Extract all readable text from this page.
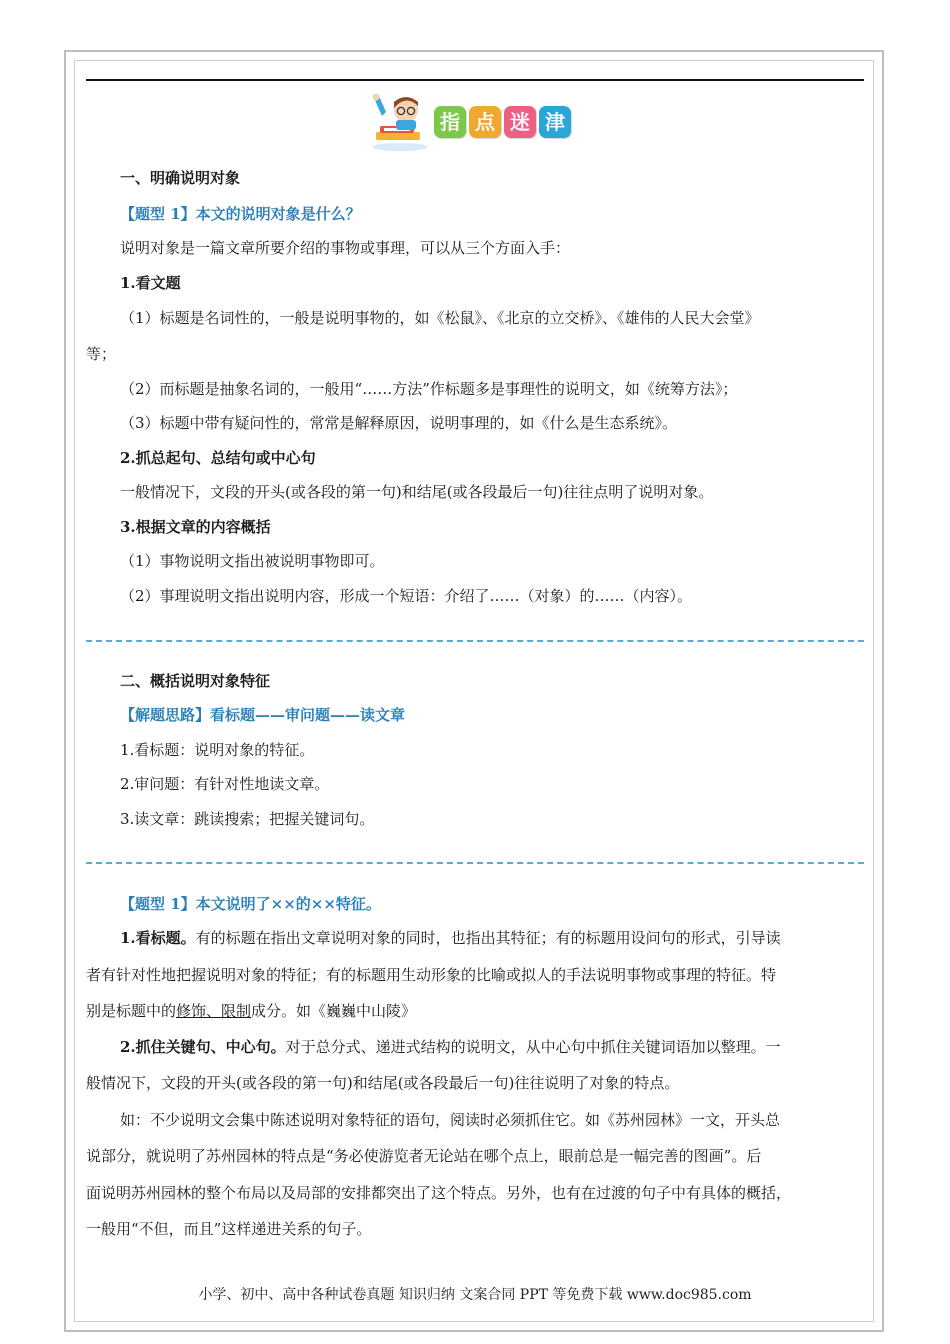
指 点 迷 津
一、明确说明对象
【题型 1】本文的说明对象是什么？
说明对象是一篇文章所要介绍的事物或事理，可以从三个方面入手：
1.看文题
（1）标题是名词性的，一般是说明事物的，如《松鼠》、《北京的立交桥》、《雄伟的人民大会堂》
等；
（2）而标题是抽象名词的，一般用“……方法”作标题多是事理性的说明文，如《统筹方法》；
（3）标题中带有疑问性的，常常是解释原因，说明事理的，如《什么是生态系统》。
2.抓总起句、总结句或中心句
一般情况下，文段的开头(或各段的第一句)和结尾(或各段最后一句)往往点明了说明对象。
3.根据文章的内容概括
（1）事物说明文指出被说明事物即可。
（2）事理说明文指出说明内容，形成一个短语：介绍了……（对象）的……（内容）。
二、概括说明对象特征
【解题思路】看标题——审问题——读文章
1.看标题：说明对象的特征。
2.审问题：有针对性地读文章。
3.读文章：跳读搜索；把握关键词句。
【题型 1】本文说明了××的××特征。
1.看标题。有的标题在指出文章说明对象的同时，也指出其特征；有的标题用设问句的形式，引导读
者有针对性地把握说明对象的特征；有的标题用生动形象的比喻或拟人的手法说明事物或事理的特征。特
别是标题中的修饰、限制成分。如《巍巍中山陵》
2.抓住关键句、中心句。对于总分式、递进式结构的说明文，从中心句中抓住关键词语加以整理。一
般情况下，文段的开头(或各段的第一句)和结尾(或各段最后一句)往往说明了对象的特点。
如：不少说明文会集中陈述说明对象特征的语句，阅读时必须抓住它。如《苏州园林》一文，开头总
说部分，就说明了苏州园林的特点是“务必使游览者无论站在哪个点上，眼前总是一幅完善的图画”。后
面说明苏州园林的整个布局以及局部的安排都突出了这个特点。另外，也有在过渡的句子中有具体的概括，
一般用“不但，而且”这样递进关系的句子。
小学、初中、高中各种试卷真题 知识归纳 文案合同 PPT 等免费下载 www.doc985.com
